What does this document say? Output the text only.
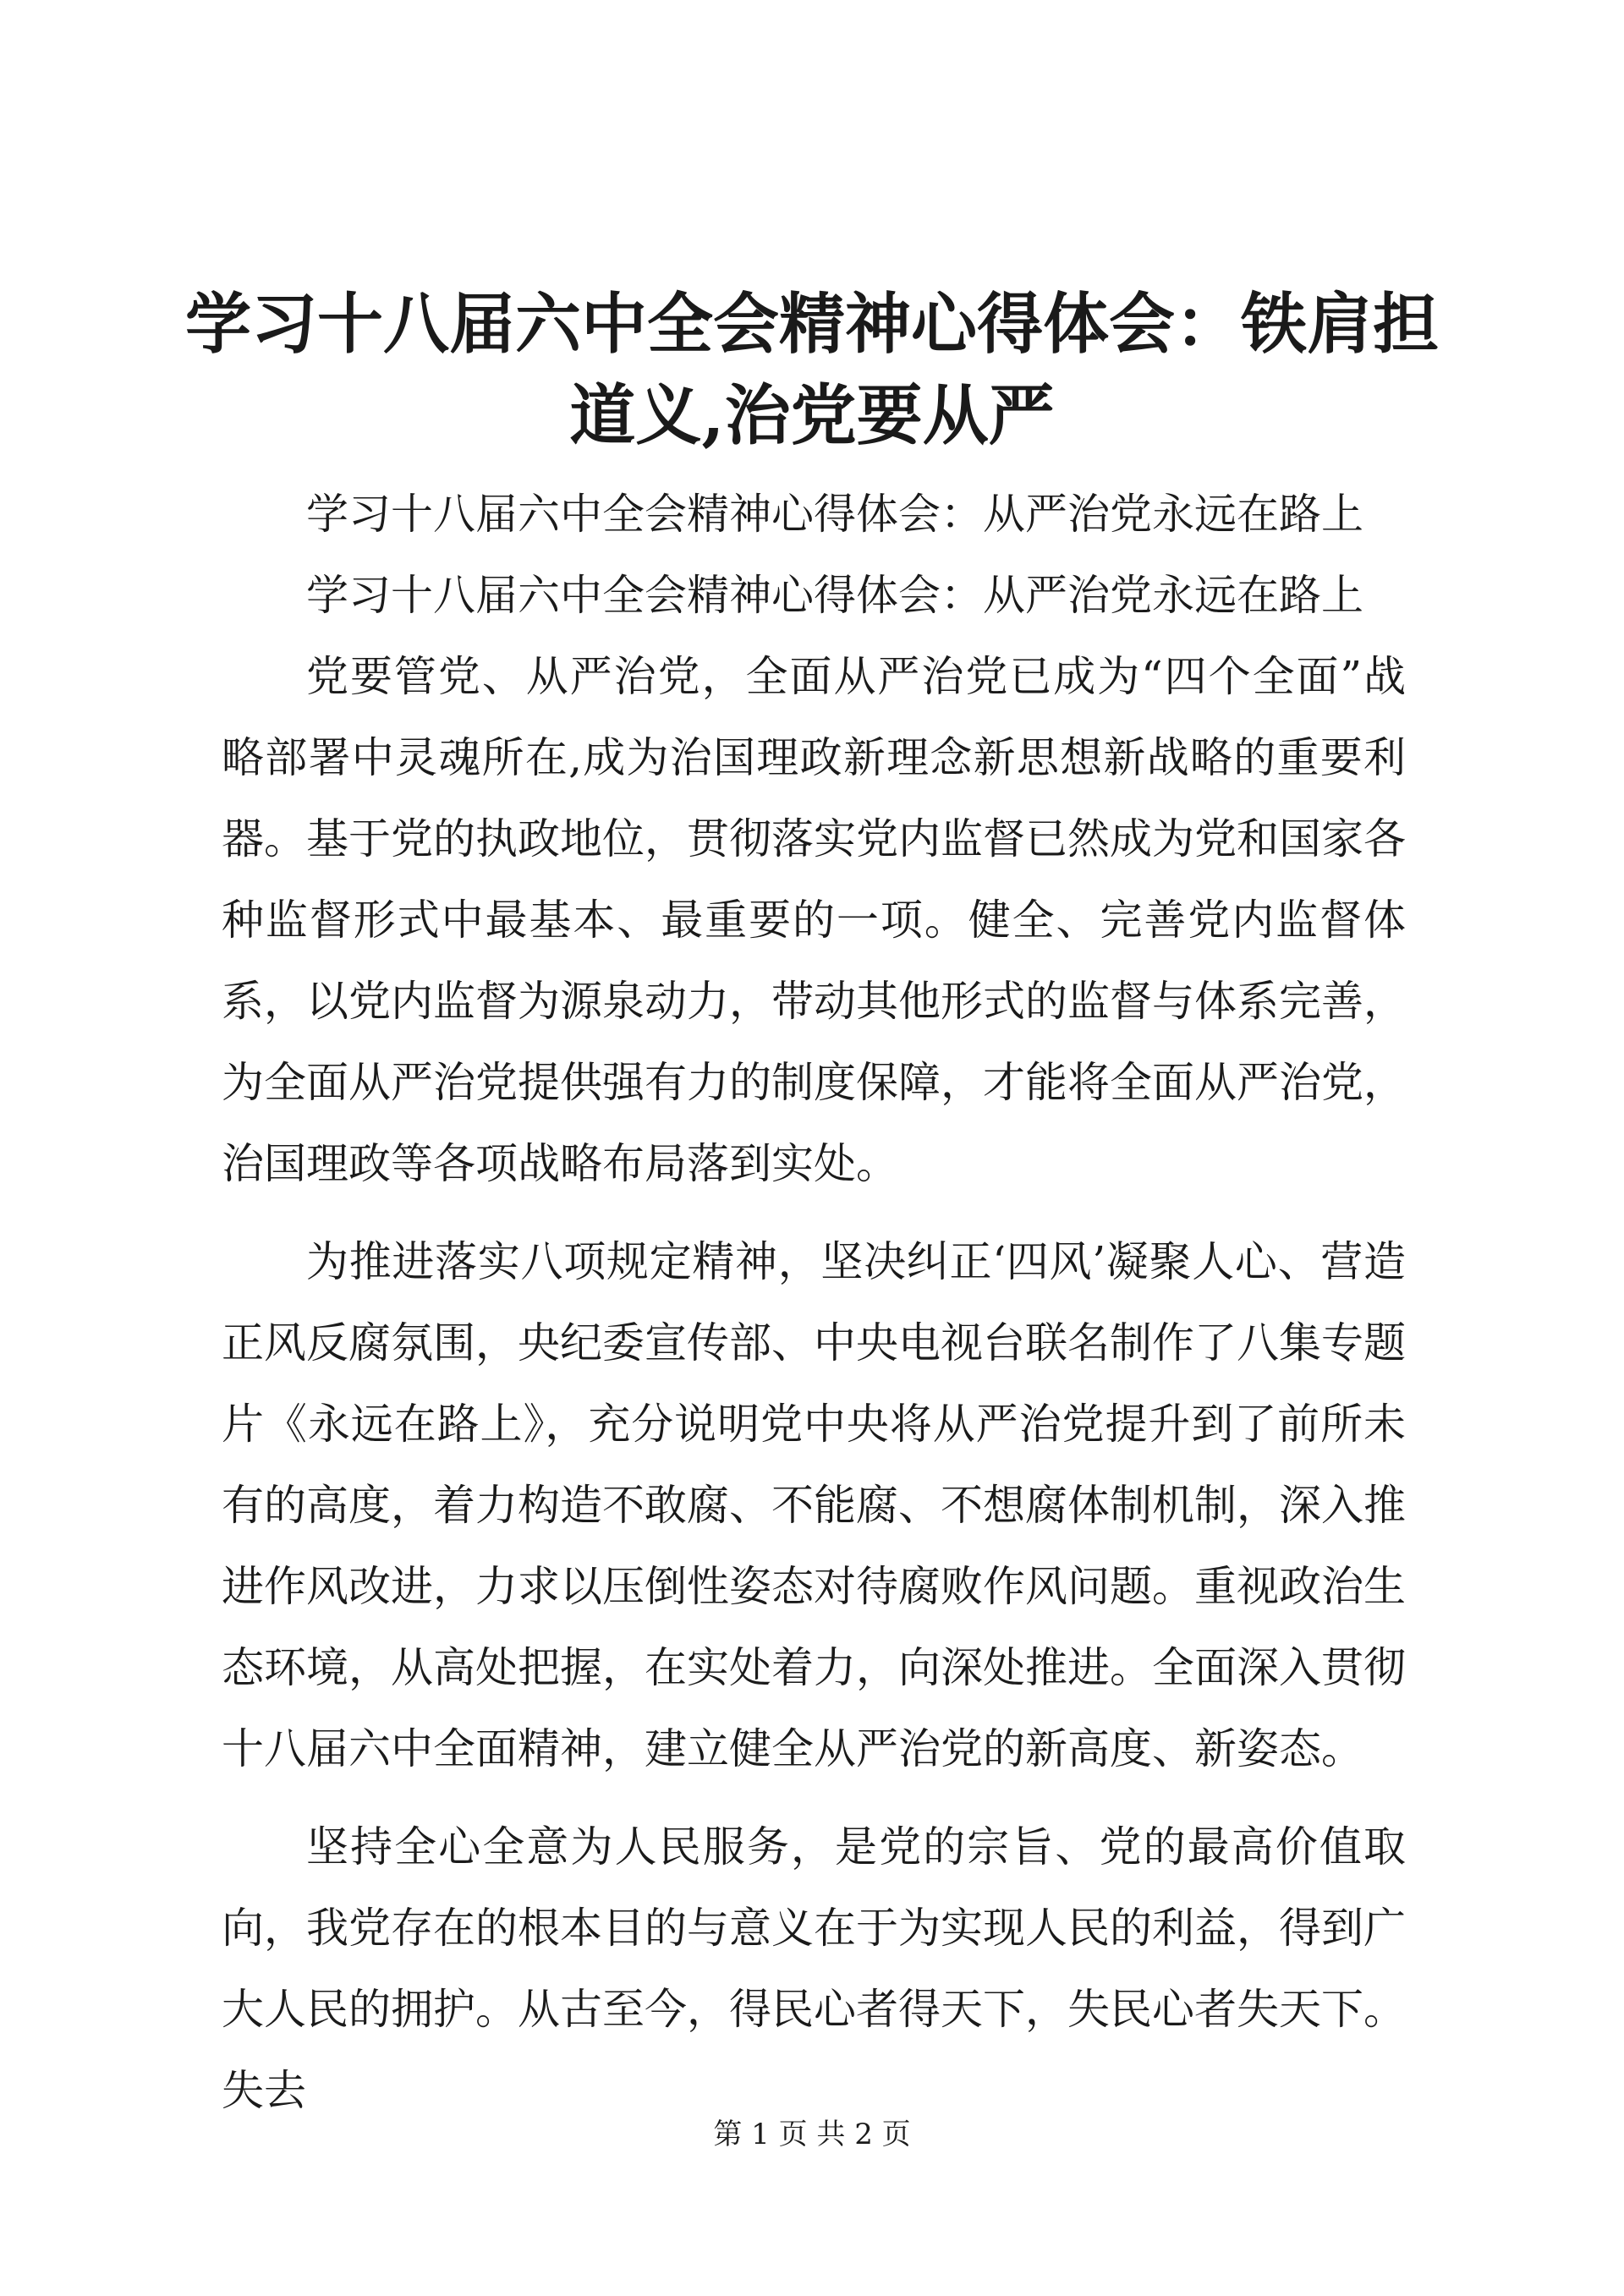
学习十八届六中全会精神心得体会：铁肩担道义,治党要从严

学习十八届六中全会精神心得体会：从严治党永远在路上

学习十八届六中全会精神心得体会：从严治党永远在路上

党要管党、从严治党，全面从严治党已成为“四个全面”战略部署中灵魂所在,成为治国理政新理念新思想新战略的重要利器。基于党的执政地位，贯彻落实党内监督已然成为党和国家各种监督形式中最基本、最重要的一项。健全、完善党内监督体系，以党内监督为源泉动力，带动其他形式的监督与体系完善，为全面从严治党提供强有力的制度保障，才能将全面从严治党，治国理政等各项战略布局落到实处。

为推进落实八项规定精神，坚决纠正‘四风’凝聚人心、营造正风反腐氛围，央纪委宣传部、中央电视台联名制作了八集专题片《永远在路上》，充分说明党中央将从严治党提升到了前所未有的高度，着力构造不敢腐、不能腐、不想腐体制机制，深入推进作风改进，力求以压倒性姿态对待腐败作风问题。重视政治生态环境，从高处把握，在实处着力，向深处推进。全面深入贯彻十八届六中全面精神，建立健全从严治党的新高度、新姿态。

坚持全心全意为人民服务，是党的宗旨、党的最高价值取向，我党存在的根本目的与意义在于为实现人民的利益，得到广大人民的拥护。从古至今，得民心者得天下，失民心者失天下。失去

第 1 页 共 2 页
